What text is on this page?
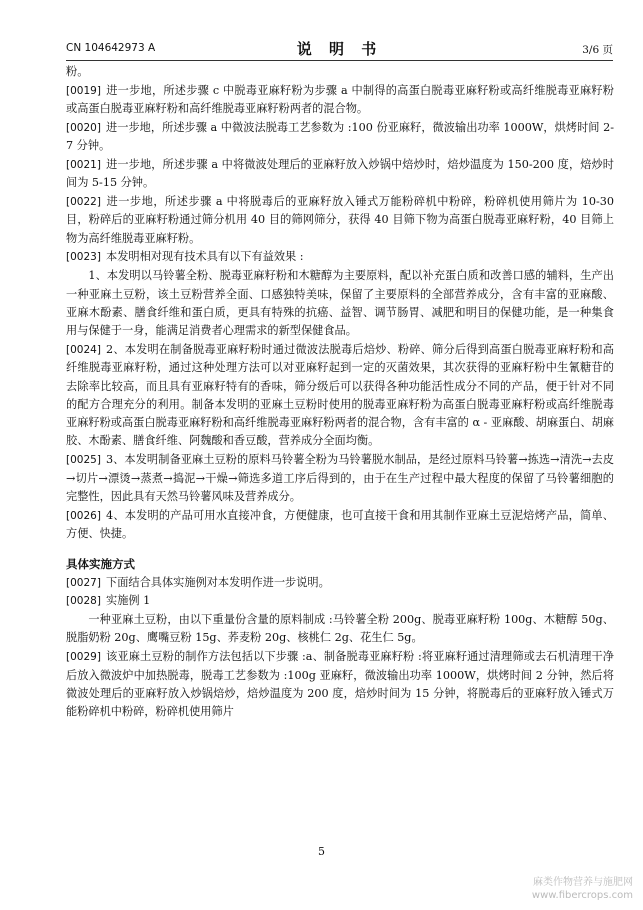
CN 104642973 A	说 明 书	3/6 页
粉。
[0019] 进一步地，所述步骤 c 中脱毒亚麻籽粉为步骤 a 中制得的高蛋白脱毒亚麻籽粉或高纤维脱毒亚麻籽粉或高蛋白脱毒亚麻籽粉和高纤维脱毒亚麻籽粉两者的混合物。
[0020] 进一步地，所述步骤 a 中微波法脱毒工艺参数为 :100 份亚麻籽，微波输出功率 1000W，烘烤时间 2-7 分钟。
[0021] 进一步地，所述步骤 a 中将微波处理后的亚麻籽放入炒锅中焙炒时，焙炒温度为 150-200 度，焙炒时间为 5-15 分钟。
[0022] 进一步地，所述步骤 a 中将脱毒后的亚麻籽放入锤式万能粉碎机中粉碎，粉碎机使用筛片为 10-30 目，粉碎后的亚麻籽粉通过筛分机用 40 目的筛网筛分，获得 40 目筛下物为高蛋白脱毒亚麻籽粉，40 目筛上物为高纤维脱毒亚麻籽粉。
[0023] 本发明相对现有技术具有以下有益效果 :
1、本发明以马铃薯全粉、脱毒亚麻籽粉和木糖醇为主要原料，配以补充蛋白质和改善口感的辅料，生产出一种亚麻土豆粉，该土豆粉营养全面、口感独特美味，保留了主要原料的全部营养成分，含有丰富的亚麻酸、亚麻木酚素、膳食纤维和蛋白质，更具有特殊的抗癌、益智、调节肠胃、减肥和明目的保健功能，是一种集食用与保健于一身，能满足消费者心理需求的新型保健食品。
[0024] 2、本发明在制备脱毒亚麻籽粉时通过微波法脱毒后焙炒、粉碎、筛分后得到高蛋白脱毒亚麻籽粉和高纤维脱毒亚麻籽粉，通过这种处理方法可以对亚麻籽起到一定的灭菌效果，其次获得的亚麻籽粉中生氰糖苷的去除率比较高，而且具有亚麻籽特有的香味，筛分级后可以获得各种功能活性成分不同的产品，便于针对不同的配方合理充分的利用。制备本发明的亚麻土豆粉时使用的脱毒亚麻籽粉为高蛋白脱毒亚麻籽粉或高纤维脱毒亚麻籽粉或高蛋白脱毒亚麻籽粉和高纤维脱毒亚麻籽粉两者的混合物，含有丰富的 α - 亚麻酸、胡麻蛋白、胡麻胶、木酚素、膳食纤维、阿魏酸和香豆酸，营养成分全面均衡。
[0025] 3、本发明制备亚麻土豆粉的原料马铃薯全粉为马铃薯脱水制品，是经过原料马铃薯→拣选→清洗→去皮→切片→漂烫→蒸煮→捣泥→干燥→筛选多道工序后得到的，由于在生产过程中最大程度的保留了马铃薯细胞的完整性，因此具有天然马铃薯风味及营养成分。
[0026] 4、本发明的产品可用水直接冲食，方便健康，也可直接干食和用其制作亚麻土豆泥焙烤产品，简单、方便、快捷。
具体实施方式
[0027] 下面结合具体实施例对本发明作进一步说明。
[0028] 实施例 1
一种亚麻土豆粉，由以下重量份含量的原料制成 :马铃薯全粉 200g、脱毒亚麻籽粉 100g、木糖醇 50g、脱脂奶粉 20g、鹰嘴豆粉 15g、荞麦粉 20g、核桃仁 2g、花生仁 5g。
[0029] 该亚麻土豆粉的制作方法包括以下步骤 :a、制备脱毒亚麻籽粉 :将亚麻籽通过清理筛或去石机清理干净后放入微波炉中加热脱毒，脱毒工艺参数为 :100g 亚麻籽，微波输出功率 1000W，烘烤时间 2 分钟，然后将微波处理后的亚麻籽放入炒锅焙炒，焙炒温度为 200 度，焙炒时间为 15 分钟，将脱毒后的亚麻籽放入锤式万能粉碎机中粉碎，粉碎机使用筛片
5
麻类作物营养与施肥网
www.fibercrops.com
